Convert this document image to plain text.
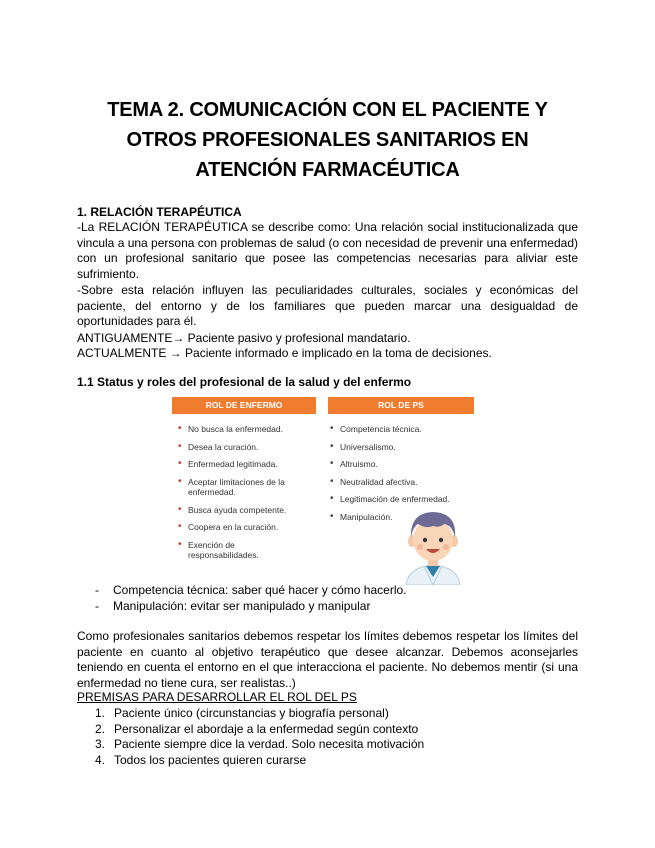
TEMA 2. COMUNICACIÓN CON EL PACIENTE Y
OTROS PROFESIONALES SANITARIOS EN
ATENCIÓN FARMACÉUTICA
1. RELACIÓN TERAPÉUTICA
-La RELACIÓN TERAPÉUTICA se describe como: Una relación social institucionalizada que vincula a una persona con problemas de salud (o con necesidad de prevenir una enfermedad) con un profesional sanitario que posee las competencias necesarias para aliviar este sufrimiento.
-Sobre esta relación influyen las peculiaridades culturales, sociales y económicas del paciente, del entorno y de los familiares que pueden marcar una desigualdad de oportunidades para él.
ANTIGUAMENTE→ Paciente pasivo y profesional mandatario.
ACTUALMENTE → Paciente informado e implicado en la toma de decisiones.
1.1 Status y roles del profesional de la salud y del enfermo
ROL DE ENFERMO	ROL DE PS
• No busca la enfermedad.
• Desea la curación.
• Enfermedad legitimada.
• Aceptar limitaciones de la enfermedad.
• Busca ayuda competente.
• Coopera en la curación.
• Exención de responsabilidades.
• Competencia técnica.
• Universalismo.
• Altruismo.
• Neutralidad afectiva.
• Legitimación de enfermedad.
• Manipulación.
- Competencia técnica: saber qué hacer y cómo hacerlo.
- Manipulación: evitar ser manipulado y manipular
Como profesionales sanitarios debemos respetar los límites debemos respetar los límites del paciente en cuanto al objetivo terapéutico que desee alcanzar. Debemos aconsejarles teniendo en cuenta el entorno en el que interacciona el paciente. No debemos mentir (si una enfermedad no tiene cura, ser realistas..)
PREMISAS PARA DESARROLLAR EL ROL DEL PS
1. Paciente único (circunstancias y biografía personal)
2. Personalizar el abordaje a la enfermedad según contexto
3. Paciente siempre dice la verdad. Solo necesita motivación
4. Todos los pacientes quieren curarse
